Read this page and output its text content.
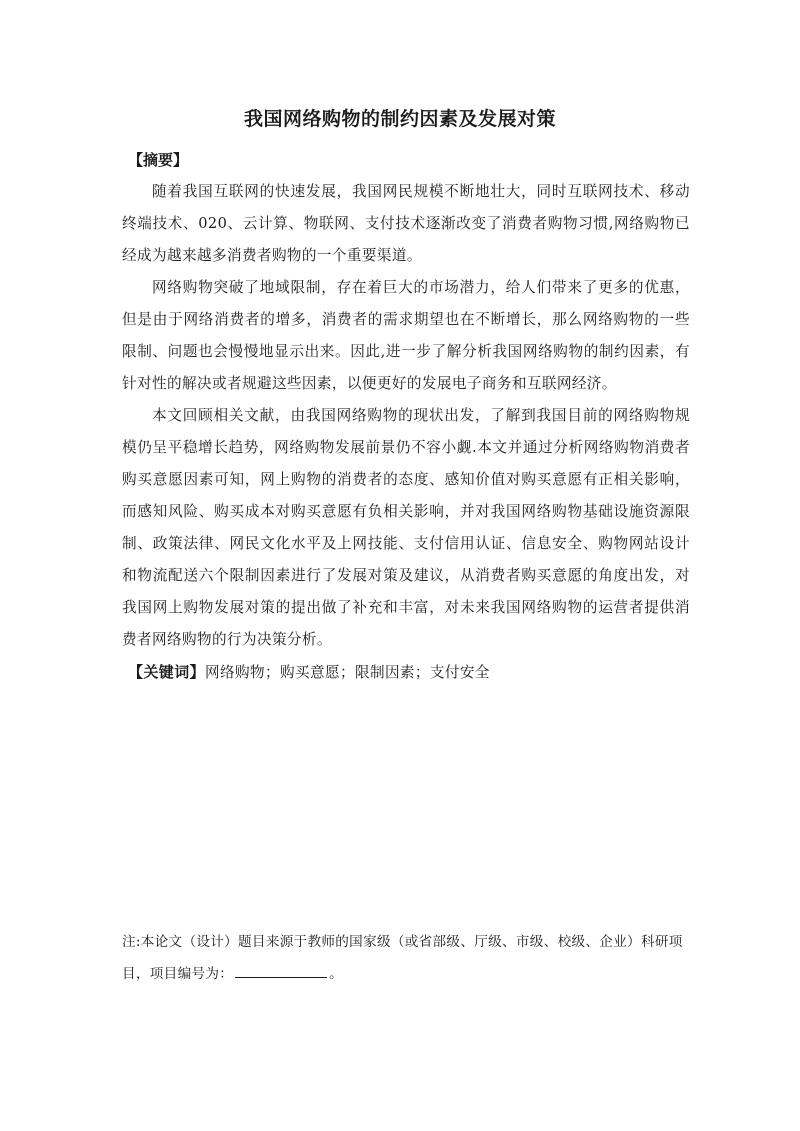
我国网络购物的制约因素及发展对策
【摘要】

随着我国互联网的快速发展，我国网民规模不断地壮大，同时互联网技术、移动终端技术、020、云计算、物联网、支付技术逐渐改变了消费者购物习惯,网络购物已经成为越来越多消费者购物的一个重要渠道。

网络购物突破了地域限制，存在着巨大的市场潜力，给人们带来了更多的优惠，但是由于网络消费者的增多，消费者的需求期望也在不断增长，那么网络购物的一些限制、问题也会慢慢地显示出来。因此,进一步了解分析我国网络购物的制约因素，有针对性的解决或者规避这些因素，以便更好的发展电子商务和互联网经济。

本文回顾相关文献，由我国网络购物的现状出发，了解到我国目前的网络购物规模仍呈平稳增长趋势，网络购物发展前景仍不容小觑.本文并通过分析网络购物消费者购买意愿因素可知，网上购物的消费者的态度、感知价值对购买意愿有正相关影响，而感知风险、购买成本对购买意愿有负相关影响，并对我国网络购物基础设施资源限制、政策法律、网民文化水平及上网技能、支付信用认证、信息安全、购物网站设计和物流配送六个限制因素进行了发展对策及建议，从消费者购买意愿的角度出发，对我国网上购物发展对策的提出做了补充和丰富，对未来我国网络购物的运营者提供消费者网络购物的行为决策分析。

【关键词】网络购物；购买意愿；限制因素；支付安全

注:本论文（设计）题目来源于教师的国家级（或省部级、厅级、市级、校级、企业）科研项目，项目编号为：	。
